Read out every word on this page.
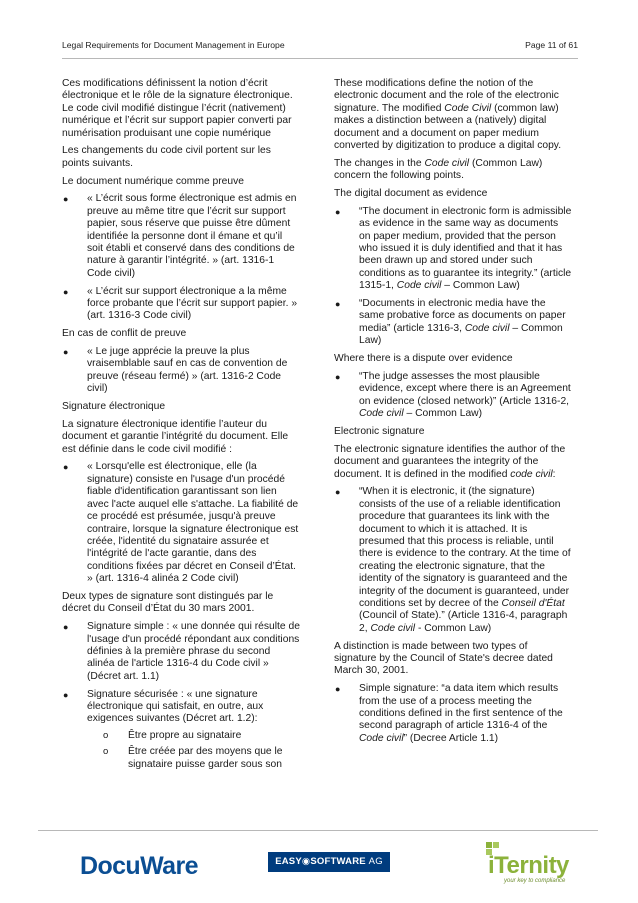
Legal Requirements for Document Management in Europe	Page 11 of 61

Ces modifications définissent la notion d’écrit électronique et le rôle de la signature électronique. Le code civil modifié distingue l’écrit (nativement) numérique et l’écrit sur support papier converti par numérisation produisant une copie numérique

Les changements du code civil portent sur les points suivants.

Le document numérique comme preuve

● « L’écrit sous forme électronique est admis en preuve au même titre que l’écrit sur support papier, sous réserve que puisse être dûment identifiée la personne dont il émane et qu’il soit établi et conservé dans des conditions de nature à garantir l’intégrité. » (art. 1316-1 Code civil)
● « L’écrit sur support électronique a la même force probante que l’écrit sur support papier. » (art. 1316-3 Code civil)

En cas de conflit de preuve

● « Le juge apprécie la preuve la plus vraisemblable sauf en cas de convention de preuve (réseau fermé) » (art. 1316-2 Code civil)

Signature électronique

La signature électronique identifie l’auteur du document et garantie l’intégrité du document. Elle est définie dans le code civil modifié :

● « Lorsqu'elle est électronique, elle (la signature) consiste en l'usage d'un procédé fiable d'identification garantissant son lien avec l'acte auquel elle s'attache. La fiabilité de ce procédé est présumée, jusqu'à preuve contraire, lorsque la signature électronique est créée, l'identité du signataire assurée et l'intégrité de l'acte garantie, dans des conditions fixées par décret en Conseil d’État. » (art. 1316-4 alinéa 2 Code civil)

Deux types de signature sont distingués par le décret du Conseil d’État du 30 mars 2001.

● Signature simple : « une donnée qui résulte de l'usage d'un procédé répondant aux conditions définies à la première phrase du second alinéa de l'article 1316-4 du Code civil » (Décret art. 1.1)
● Signature sécurisée : « une signature électronique qui satisfait, en outre, aux exigences suivantes (Décret art. 1.2):
o Être propre au signataire
o Être créée par des moyens que le signataire puisse garder sous son

These modifications define the notion of the electronic document and the role of the electronic signature. The modified Code Civil (common law) makes a distinction between a (natively) digital document and a document on paper medium converted by digitization to produce a digital copy.

The changes in the Code civil (Common Law) concern the following points.

The digital document as evidence

● “The document in electronic form is admissible as evidence in the same way as documents on paper medium, provided that the person who issued it is duly identified and that it has been drawn up and stored under such conditions as to guarantee its integrity.” (article 1315-1, Code civil – Common Law)
● “Documents in electronic media have the same probative force as documents on paper media” (article 1316-3, Code civil – Common Law)

Where there is a dispute over evidence

● “The judge assesses the most plausible evidence, except where there is an Agreement on evidence (closed network)” (Article 1316-2, Code civil – Common Law)

Electronic signature

The electronic signature identifies the author of the document and guarantees the integrity of the document. It is defined in the modified code civil:

● “When it is electronic, it (the signature) consists of the use of a reliable identification procedure that guarantees its link with the document to which it is attached. It is presumed that this process is reliable, until there is evidence to the contrary. At the time of creating the electronic signature, that the identity of the signatory is guaranteed and the integrity of the document is guaranteed, under conditions set by decree of the Conseil d'État (Council of State).” (Article 1316-4, paragraph 2, Code civil - Common Law)

A distinction is made between two types of signature by the Council of State's decree dated March 30, 2001.

● Simple signature: “a data item which results from the use of a process meeting the conditions defined in the first sentence of the second paragraph of article 1316-4 of the Code civil” (Decree Article 1.1)
DocuWare	EASY◉SOFTWARE AG	iTernity
your key to compliance
